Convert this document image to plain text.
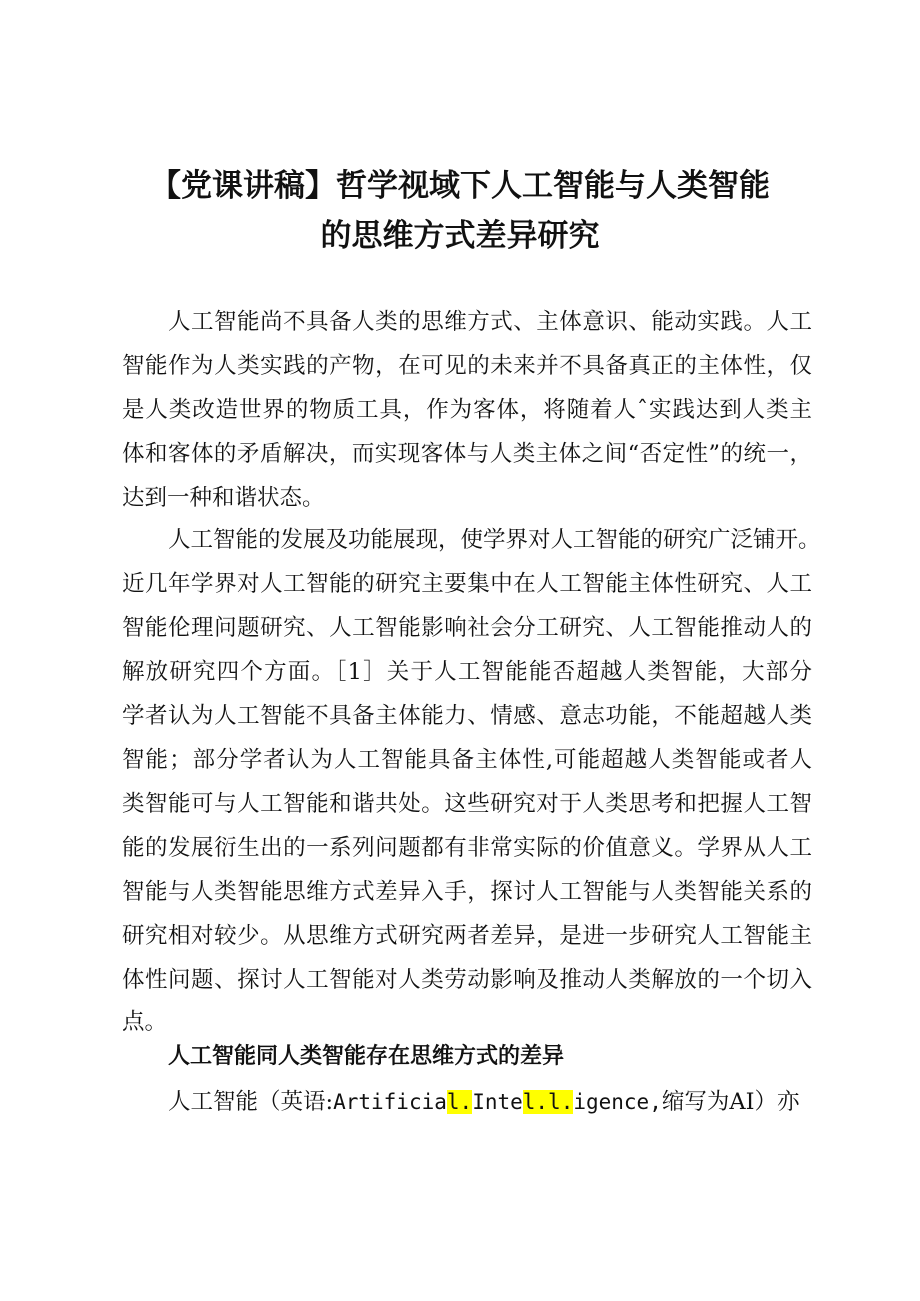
【党课讲稿】哲学视域下人工智能与人类智能
的思维方式差异研究
人工智能尚不具备人类的思维方式、主体意识、能动实践。人工
智能作为人类实践的产物，在可见的未来并不具备真正的主体性，仅
是人类改造世界的物质工具，作为客体，将随着人ˆ实践达到人类主
体和客体的矛盾解决，而实现客体与人类主体之间“否定性”的统一，
达到一种和谐状态。
人工智能的发展及功能展现，使学界对人工智能的研究广泛铺开。
近几年学界对人工智能的研究主要集中在人工智能主体性研究、人工
智能伦理问题研究、人工智能影响社会分工研究、人工智能推动人的
解放研究四个方面。［1］关于人工智能能否超越人类智能，大部分
学者认为人工智能不具备主体能力、情感、意志功能，不能超越人类
智能；部分学者认为人工智能具备主体性,可能超越人类智能或者人
类智能可与人工智能和谐共处。这些研究对于人类思考和把握人工智
能的发展衍生出的一系列问题都有非常实际的价值意义。学界从人工
智能与人类智能思维方式差异入手，探讨人工智能与人类智能关系的
研究相对较少。从思维方式研究两者差异，是进一步研究人工智能主
体性问题、探讨人工智能对人类劳动影响及推动人类解放的一个切入
点。
人工智能同人类智能存在思维方式的差异
人工智能（英语:Artificial.Intel.l.igence,缩写为AI）亦
